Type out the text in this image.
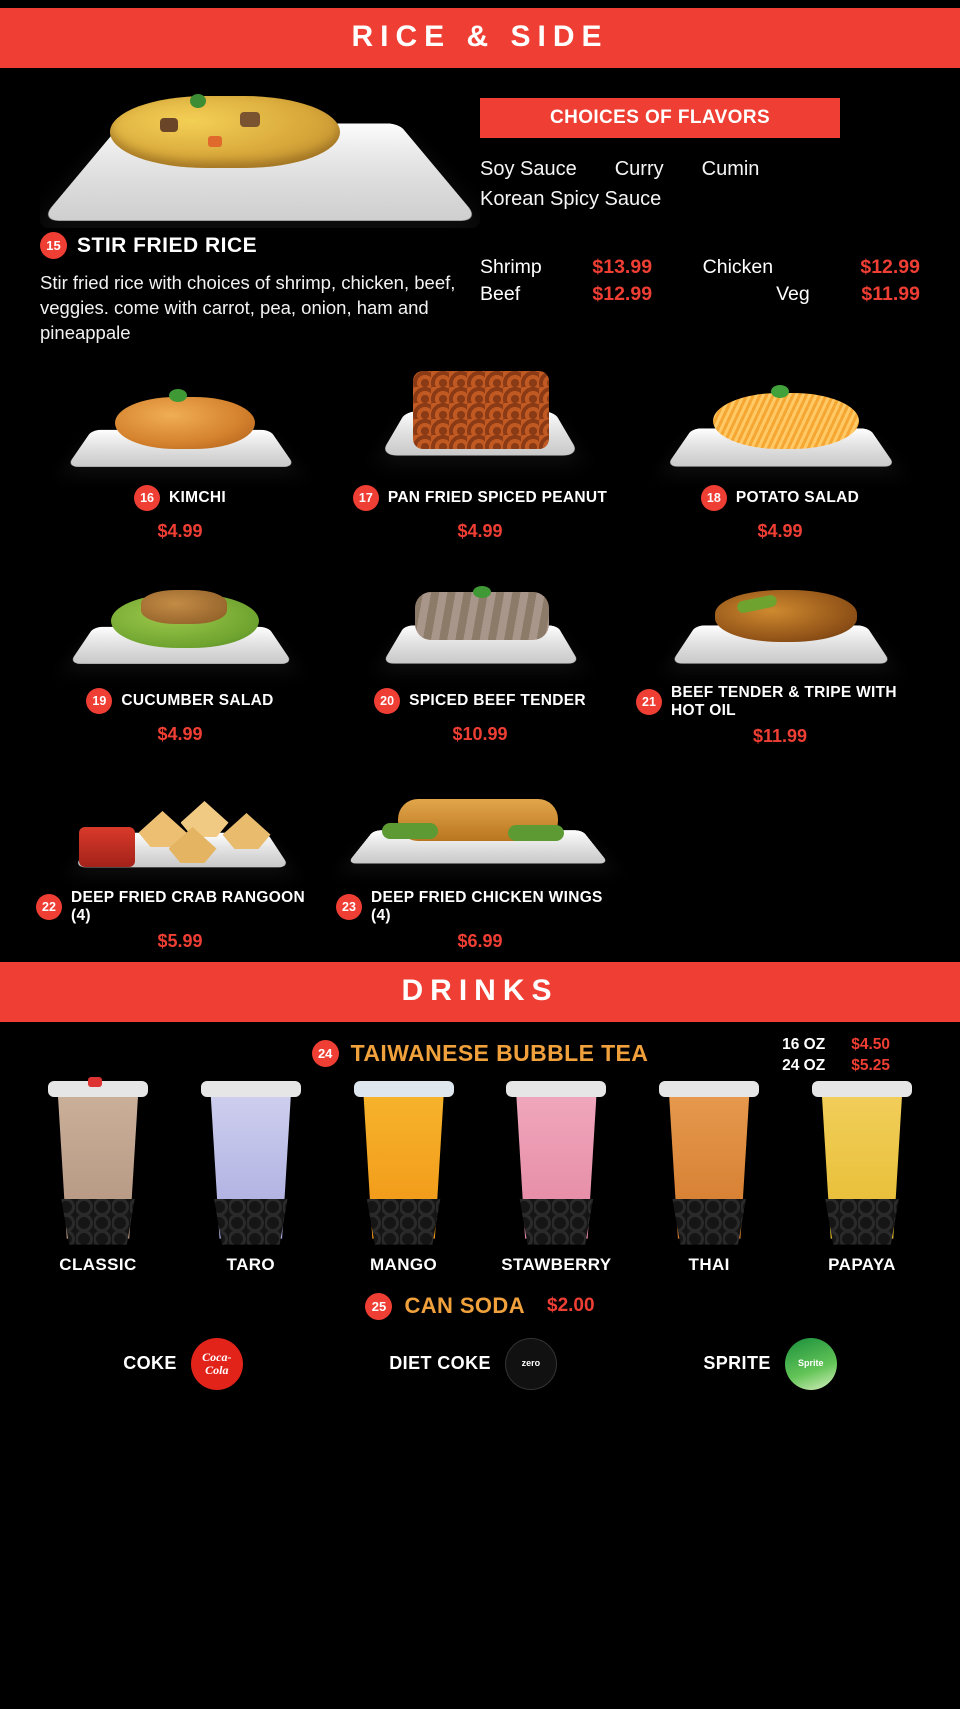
RICE & SIDE
15 STIR FRIED RICE
Stir fried rice with choices of shrimp, chicken, beef, veggies. come with carrot, pea, onion, ham and pineappale
CHOICES OF FLAVORS
Soy Sauce Curry Cumin
Korean Spicy Sauce
Shrimp	$13.99	Chicken	$12.99
Beef	$12.99	Veg	$11.99
16 KIMCHI
$4.99
17 PAN FRIED SPICED PEANUT
$4.99
18 POTATO SALAD
$4.99
19 CUCUMBER SALAD
$4.99
20 SPICED BEEF TENDER
$10.99
21
BEEF TENDER & TRIPE WITH HOT OIL
$11.99
22
DEEP FRIED CRAB RANGOON (4)
$5.99
23
DEEP FRIED CHICKEN WINGS (4)
$6.99
DRINKS
24 TAIWANESE BUBBLE TEA	16 OZ $4.50
24 OZ $5.25
CLASSIC	TARO	MANGO	STAWBERRY	THAI	PAPAYA
25 CAN SODA $2.00
COKE	Coca-Cola	DIET COKE	zero	SPRITE	Sprite
